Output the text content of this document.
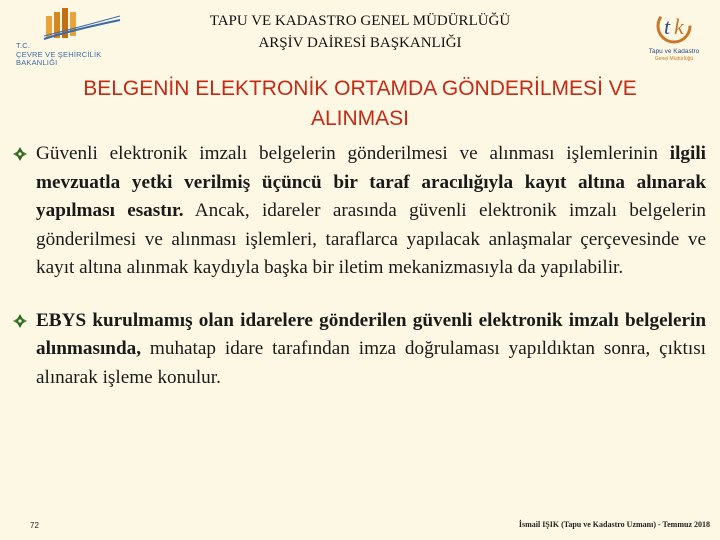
T.C.
ÇEVRE VE ŞEHİRCİLİK
BAKANLIĞI
TAPU VE KADASTRO GENEL MÜDÜRLÜĞÜ
ARŞİV DAİRESİ BAŞKANLIĞI
t k
Tapu ve Kadastro
Genel Müdürlüğü
BELGENİN ELEKTRONİK ORTAMDA GÖNDERİLMESİ VE
ALINMASI
Güvenli elektronik imzalı belgelerin gönderilmesi ve alınması işlemlerinin ilgili mevzuatla yetki verilmiş üçüncü bir taraf aracılığıyla kayıt altına alınarak yapılması esastır. Ancak, idareler arasında güvenli elektronik imzalı belgelerin gönderilmesi ve alınması işlemleri, taraflarca yapılacak anlaşmalar çerçevesinde ve kayıt altına alınmak kaydıyla başka bir iletim mekanizmasıyla da yapılabilir.
EBYS kurulmamış olan idarelere gönderilen güvenli elektronik imzalı belgelerin alınmasında, muhatap idare tarafından imza doğrulaması yapıldıktan sonra, çıktısı alınarak işleme konulur.
72	İsmail IŞIK (Tapu ve Kadastro Uzmanı) - Temmuz 2018
